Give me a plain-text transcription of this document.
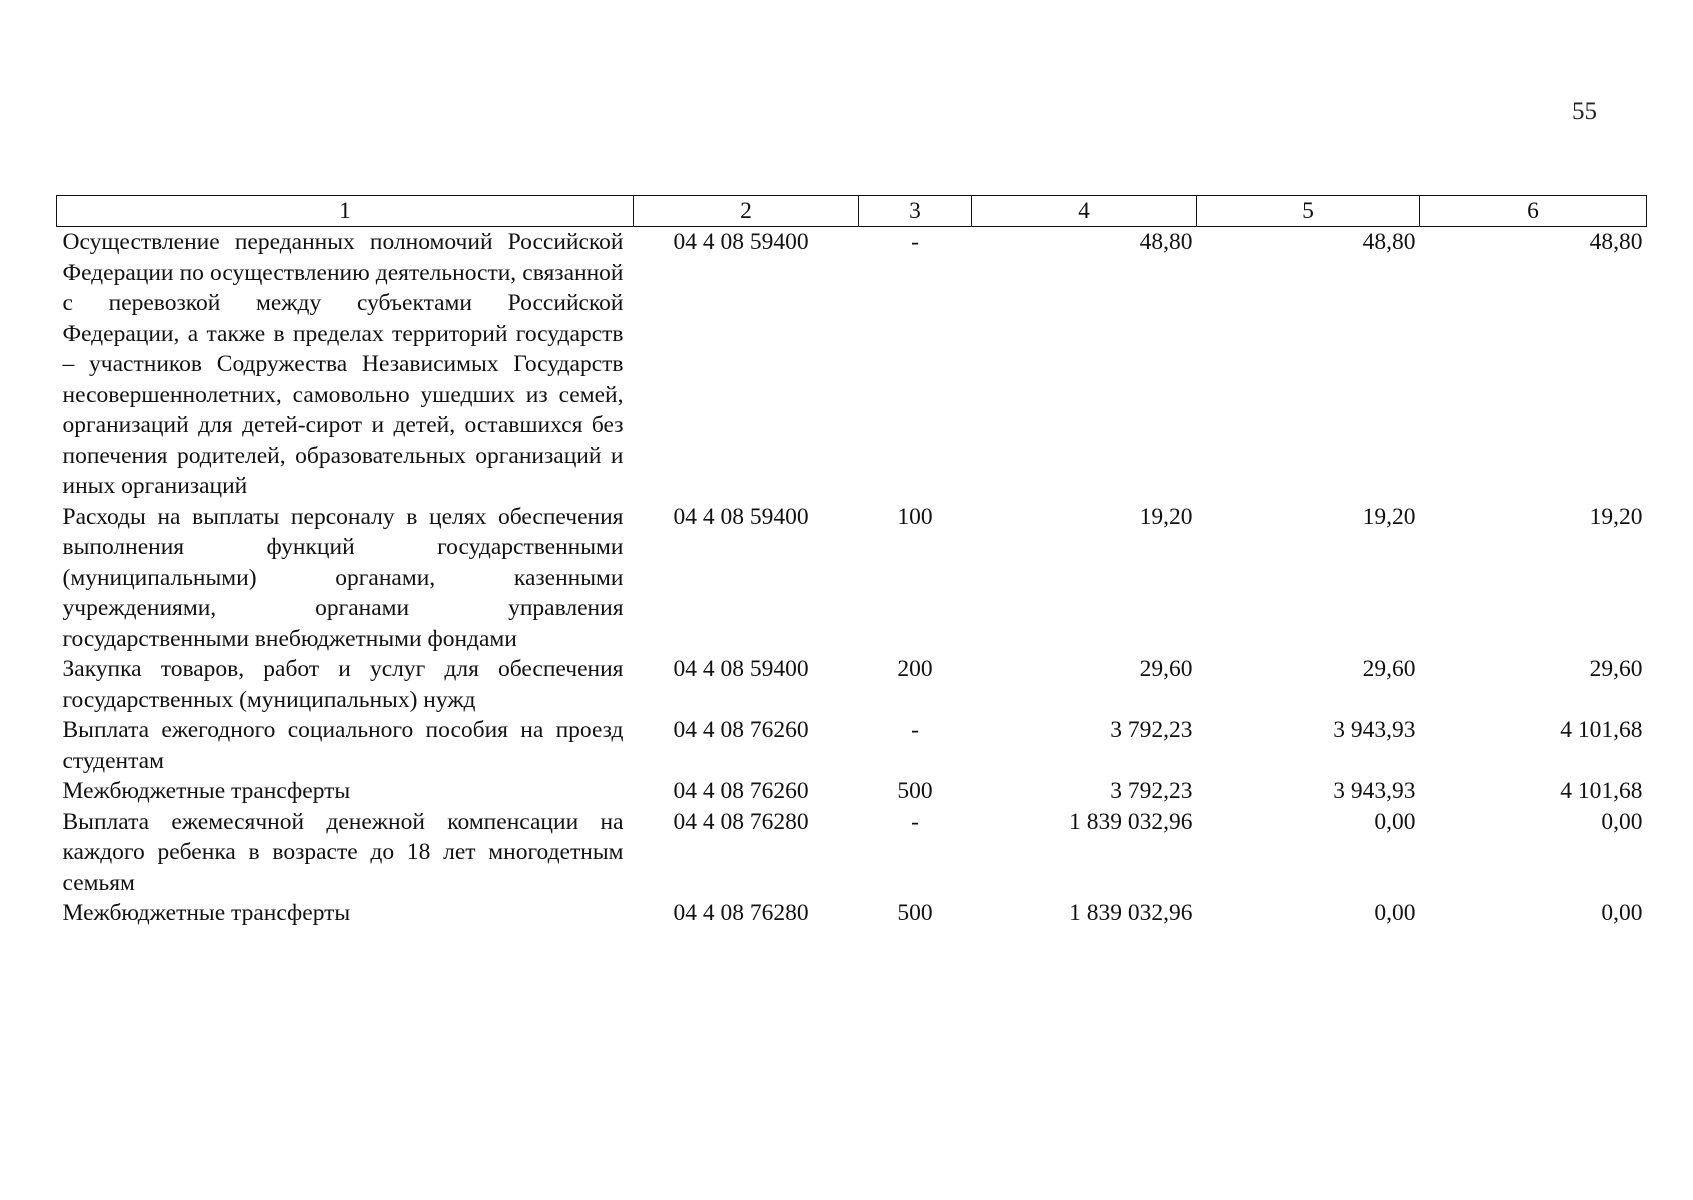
55
1	2	3	4	5	6
Осуществление переданных полномочий Российской Федерации по осуществлению деятельности, связанной с перевозкой между субъектами Российской Федерации, а также в пределах территорий государств – участников Содружества Независимых Государств несовершеннолетних, самовольно ушедших из семей, организаций для детей-сирот и детей, оставшихся без попечения родителей, образовательных организаций и иных организаций	04 4 08 59400	-	48,80	48,80	48,80
Расходы на выплаты персоналу в целях обеспечения выполнения функций государственными (муниципальными) органами, казенными учреждениями, органами управления государственными внебюджетными фондами	04 4 08 59400	100	19,20	19,20	19,20
Закупка товаров, работ и услуг для обеспечения государственных (муниципальных) нужд	04 4 08 59400	200	29,60	29,60	29,60
Выплата ежегодного социального пособия на проезд студентам	04 4 08 76260	-	3 792,23	3 943,93	4 101,68
Межбюджетные трансферты	04 4 08 76260	500	3 792,23	3 943,93	4 101,68
Выплата ежемесячной денежной компенсации на каждого ребенка в возрасте до 18 лет многодетным семьям	04 4 08 76280	-	1 839 032,96	0,00	0,00
Межбюджетные трансферты	04 4 08 76280	500	1 839 032,96	0,00	0,00
